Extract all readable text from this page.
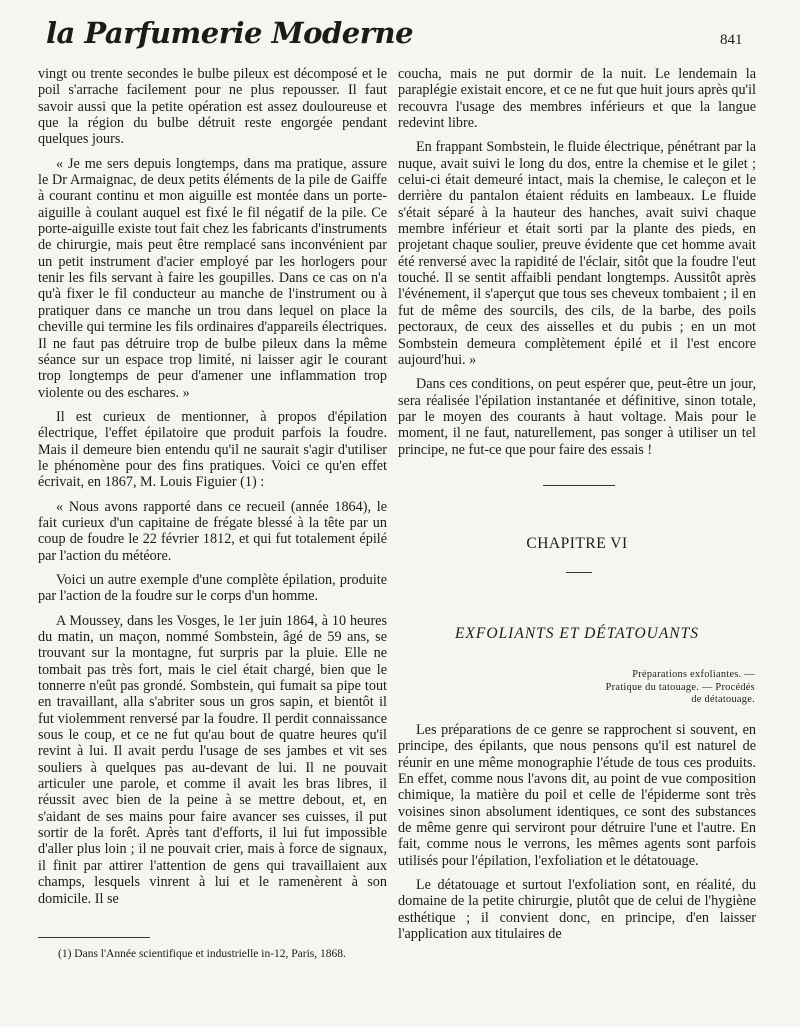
la Parfumerie Moderne	841

vingt ou trente secondes le bulbe pileux est décomposé et le poil s'arrache facilement pour ne plus repousser. Il faut savoir aussi que la petite opération est assez douloureuse et que la région du bulbe détruit reste engorgée pendant quelques jours.

« Je me sers depuis longtemps, dans ma pratique, assure le Dr Armaignac, de deux petits éléments de la pile de Gaiffe à courant continu et mon aiguille est montée dans un porte-aiguille à coulant auquel est fixé le fil négatif de la pile. Ce porte-aiguille existe tout fait chez les fabricants d'instruments de chirurgie, mais peut être remplacé sans inconvénient par un petit instrument d'acier employé par les horlogers pour tenir les fils servant à faire les goupilles. Dans ce cas on n'a qu'à fixer le fil conducteur au manche de l'instrument ou à pratiquer dans ce manche un trou dans lequel on place la cheville qui termine les fils ordinaires d'appareils électriques. Il ne faut pas détruire trop de bulbe pileux dans la même séance sur un espace trop limité, ni laisser agir le courant trop longtemps de peur d'amener une inflammation trop violente ou des eschares. »

Il est curieux de mentionner, à propos d'épilation électrique, l'effet épilatoire que produit parfois la foudre. Mais il demeure bien entendu qu'il ne saurait s'agir d'utiliser le phénomène pour des fins pratiques. Voici ce qu'en effet écrivait, en 1867, M. Louis Figuier (1) :

« Nous avons rapporté dans ce recueil (année 1864), le fait curieux d'un capitaine de frégate blessé à la tête par un coup de foudre le 22 février 1812, et qui fut totalement épilé par l'action du météore.

Voici un autre exemple d'une complète épilation, produite par l'action de la foudre sur le corps d'un homme.

A Moussey, dans les Vosges, le 1er juin 1864, à 10 heures du matin, un maçon, nommé Sombstein, âgé de 59 ans, se trouvant sur la montagne, fut surpris par la pluie. Elle ne tombait pas très fort, mais le ciel était chargé, bien que le tonnerre n'eût pas grondé. Sombstein, qui fumait sa pipe tout en travaillant, alla s'abriter sous un gros sapin, et bientôt il fut violemment renversé par la foudre. Il perdit connaissance sous le coup, et ce ne fut qu'au bout de quatre heures qu'il revint à lui. Il avait perdu l'usage de ses jambes et vit ses souliers à quelques pas au-devant de lui. Il ne pouvait articuler une parole, et comme il avait les bras libres, il réussit avec bien de la peine à se mettre debout, et, en s'aidant de ses mains pour faire avancer ses cuisses, il put sortir de la forêt. Après tant d'efforts, il lui fut impossible d'aller plus loin ; il ne pouvait crier, mais à force de signaux, il finit par attirer l'attention de gens qui travaillaient aux champs, lesquels vinrent à lui et le ramenèrent à son domicile. Il se

coucha, mais ne put dormir de la nuit. Le lendemain la paraplégie existait encore, et ce ne fut que huit jours après qu'il recouvra l'usage des membres inférieurs et que la langue redevint libre.

En frappant Sombstein, le fluide électrique, pénétrant par la nuque, avait suivi le long du dos, entre la chemise et le gilet ; celui-ci était demeuré intact, mais la chemise, le caleçon et le derrière du pantalon étaient réduits en lambeaux. Le fluide s'était séparé à la hauteur des hanches, avait suivi chaque membre inférieur et était sorti par la plante des pieds, en projetant chaque soulier, preuve évidente que cet homme avait été renversé avec la rapidité de l'éclair, sitôt que la foudre l'eut touché. Il se sentit affaibli pendant longtemps. Aussitôt après l'événement, il s'aperçut que tous ses cheveux tombaient ; il en fut de même des sourcils, des cils, de la barbe, des poils pectoraux, de ceux des aisselles et du pubis ; en un mot Sombstein demeura complètement épilé et il l'est encore aujourd'hui. »

Dans ces conditions, on peut espérer que, peut-être un jour, sera réalisée l'épilation instantanée et définitive, sinon totale, par le moyen des courants à haut voltage. Mais pour le moment, il ne faut, naturellement, pas songer à utiliser un tel principe, ne fut-ce que pour faire des essais !

CHAPITRE VI
EXFOLIANTS ET DÉTATOUANTS
Préparations exfoliantes. —
Pratique du tatouage. — Procédés
de détatouage.

Les préparations de ce genre se rapprochent si souvent, en principe, des épilants, que nous pensons qu'il est naturel de réunir en une même monographie l'étude de tous ces produits. En effet, comme nous l'avons dit, au point de vue composition chimique, la matière du poil et celle de l'épiderme sont très voisines sinon absolument identiques, ce sont des substances de même genre qui serviront pour détruire l'une et l'autre. En fait, comme nous le verrons, les mêmes agents sont parfois utilisés pour l'épilation, l'exfoliation et le détatouage.

Le détatouage et surtout l'exfoliation sont, en réalité, du domaine de la petite chirurgie, plutôt que de celui de l'hygiène esthétique ; il convient donc, en principe, d'en laisser l'application aux titulaires de

(1) Dans l'Année scientifique et industrielle in-12, Paris, 1868.
